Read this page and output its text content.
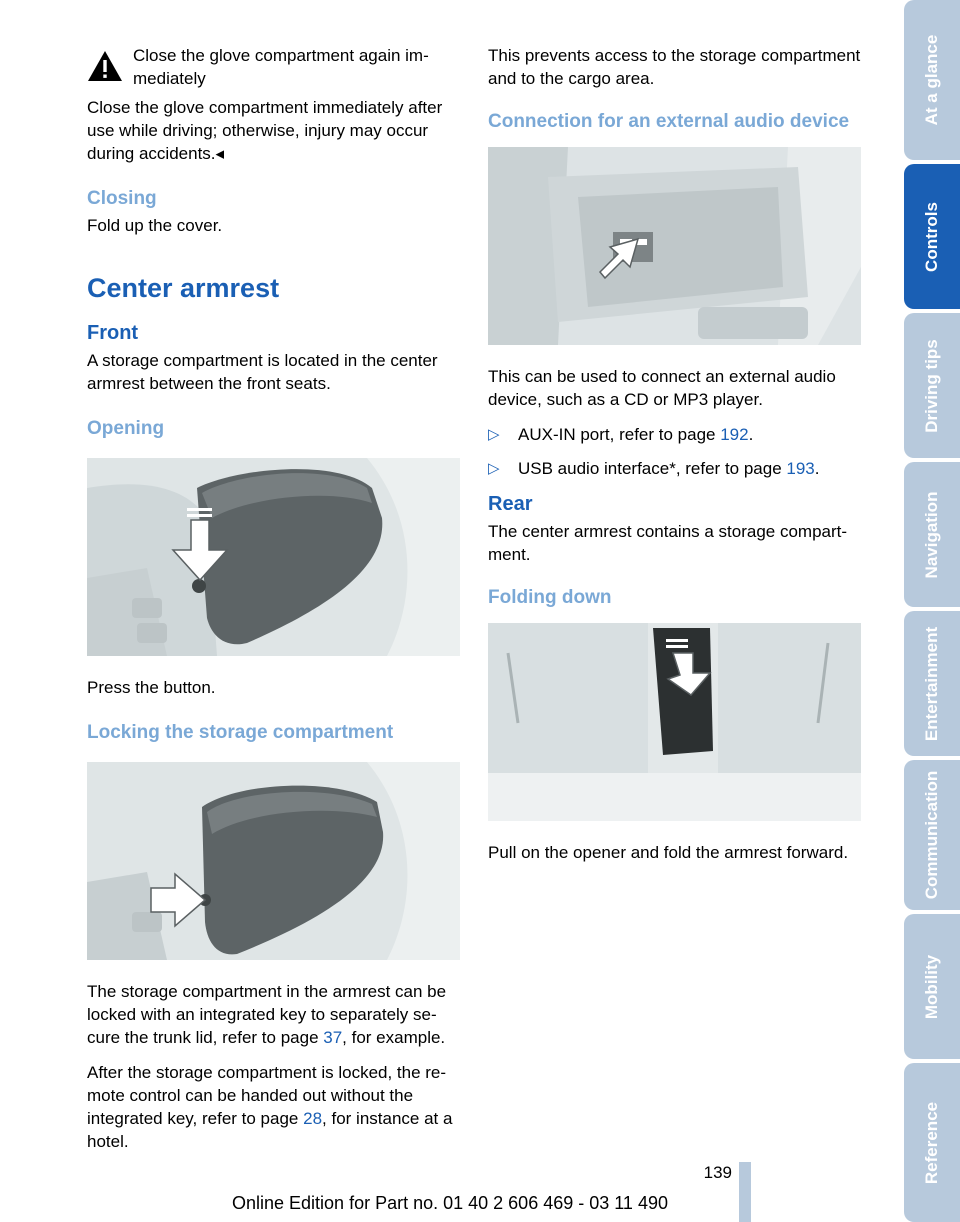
Close the glove compartment again immediately

Close the glove compartment immediately after use while driving; otherwise, injury may occur during accidents.◂

Closing

Fold up the cover.

Center armrest
Front

A storage compartment is located in the center armrest between the front seats.

Opening

Press the button.

Locking the storage compartment

The storage compartment in the armrest can be locked with an integrated key to separately secure the trunk lid, refer to page 37, for example.

After the storage compartment is locked, the remote control can be handed out without the integrated key, refer to page 28, for instance at a hotel.

This prevents access to the storage compartment and to the cargo area.

Connection for an external audio device

This can be used to connect an external audio device, such as a CD or MP3 player.

▷ AUX-IN port, refer to page 192.
▷ USB audio interface*, refer to page 193.
Rear

The center armrest contains a storage compartment.

Folding down

Pull on the opener and fold the armrest forward.

At a glance
Controls
Driving tips
Navigation
Entertainment
Communication
Mobility
Reference
139
Online Edition for Part no. 01 40 2 606 469 - 03 11 490
